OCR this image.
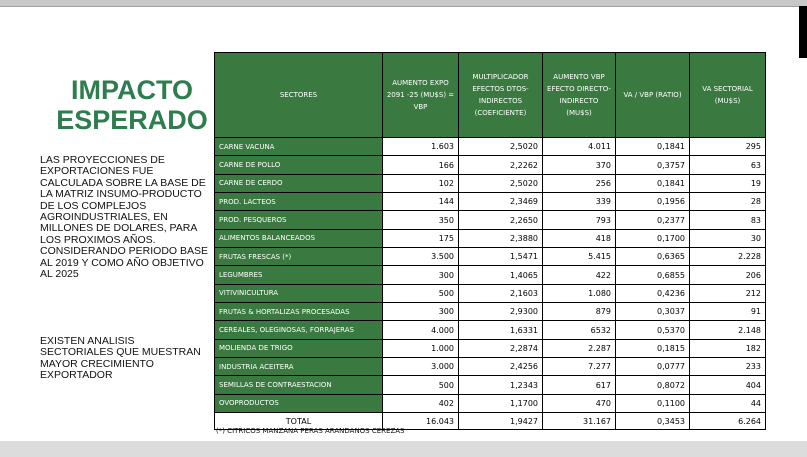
IMPACTO ESPERADO

LAS PROYECCIONES DE EXPORTACIONES FUE CALCULADA SOBRE LA BASE DE LA MATRIZ INSUMO-PRODUCTO DE LOS COMPLEJOS AGROINDUSTRIALES, EN MILLONES DE DOLARES, PARA LOS PROXIMOS AÑOS. CONSIDERANDO PERIODO BASE AL 2019 Y COMO AÑO OBJETIVO AL 2025

EXISTEN ANALISIS SECTORIALES QUE MUESTRAN MAYOR CRECIMIENTO EXPORTADOR

SECTORES	AUMENTO EXPO 2091 -25 (MU$S) = VBP	MULTIPLICADOR EFECTOS DTOS-INDIRECTOS (COEFICIENTE)	AUMENTO VBP EFECTO DIRECTO-INDIRECTO (MU$S)	VA / VBP (RATIO)	VA SECTORIAL (MU$S)
CARNE VACUNA	1.603	2,5020	4.011	0,1841	295
CARNE DE POLLO	166	2,2262	370	0,3757	63
CARNE DE CERDO	102	2,5020	256	0,1841	19
PROD. LACTEOS	144	2,3469	339	0,1956	28
PROD. PESQUEROS	350	2,2650	793	0,2377	83
ALIMENTOS BALANCEADOS	175	2,3880	418	0,1700	30
FRUTAS FRESCAS (*)	3.500	1,5471	5.415	0,6365	2.228
LEGUMBRES	300	1,4065	422	0,6855	206
VITIVINICULTURA	500	2,1603	1.080	0,4236	212
FRUTAS & HORTALIZAS PROCESADAS	300	2,9300	879	0,3037	91
CEREALES, OLEGINOSAS, FORRAJERAS	4.000	1,6331	6532	0,5370	2.148
MOLIENDA DE TRIGO	1.000	2,2874	2.287	0,1815	182
INDUSTRIA ACEITERA	3.000	2,4256	7.277	0,0777	233
SEMILLAS DE CONTRAESTACION	500	1,2343	617	0,8072	404
OVOPRODUCTOS	402	1,1700	470	0,1100	44
TOTAL	16.043	1,9427	31.167	0,3453	6.264

(*) CITRICOS MANZANA PERAS ARANDANOS CEREZAS
